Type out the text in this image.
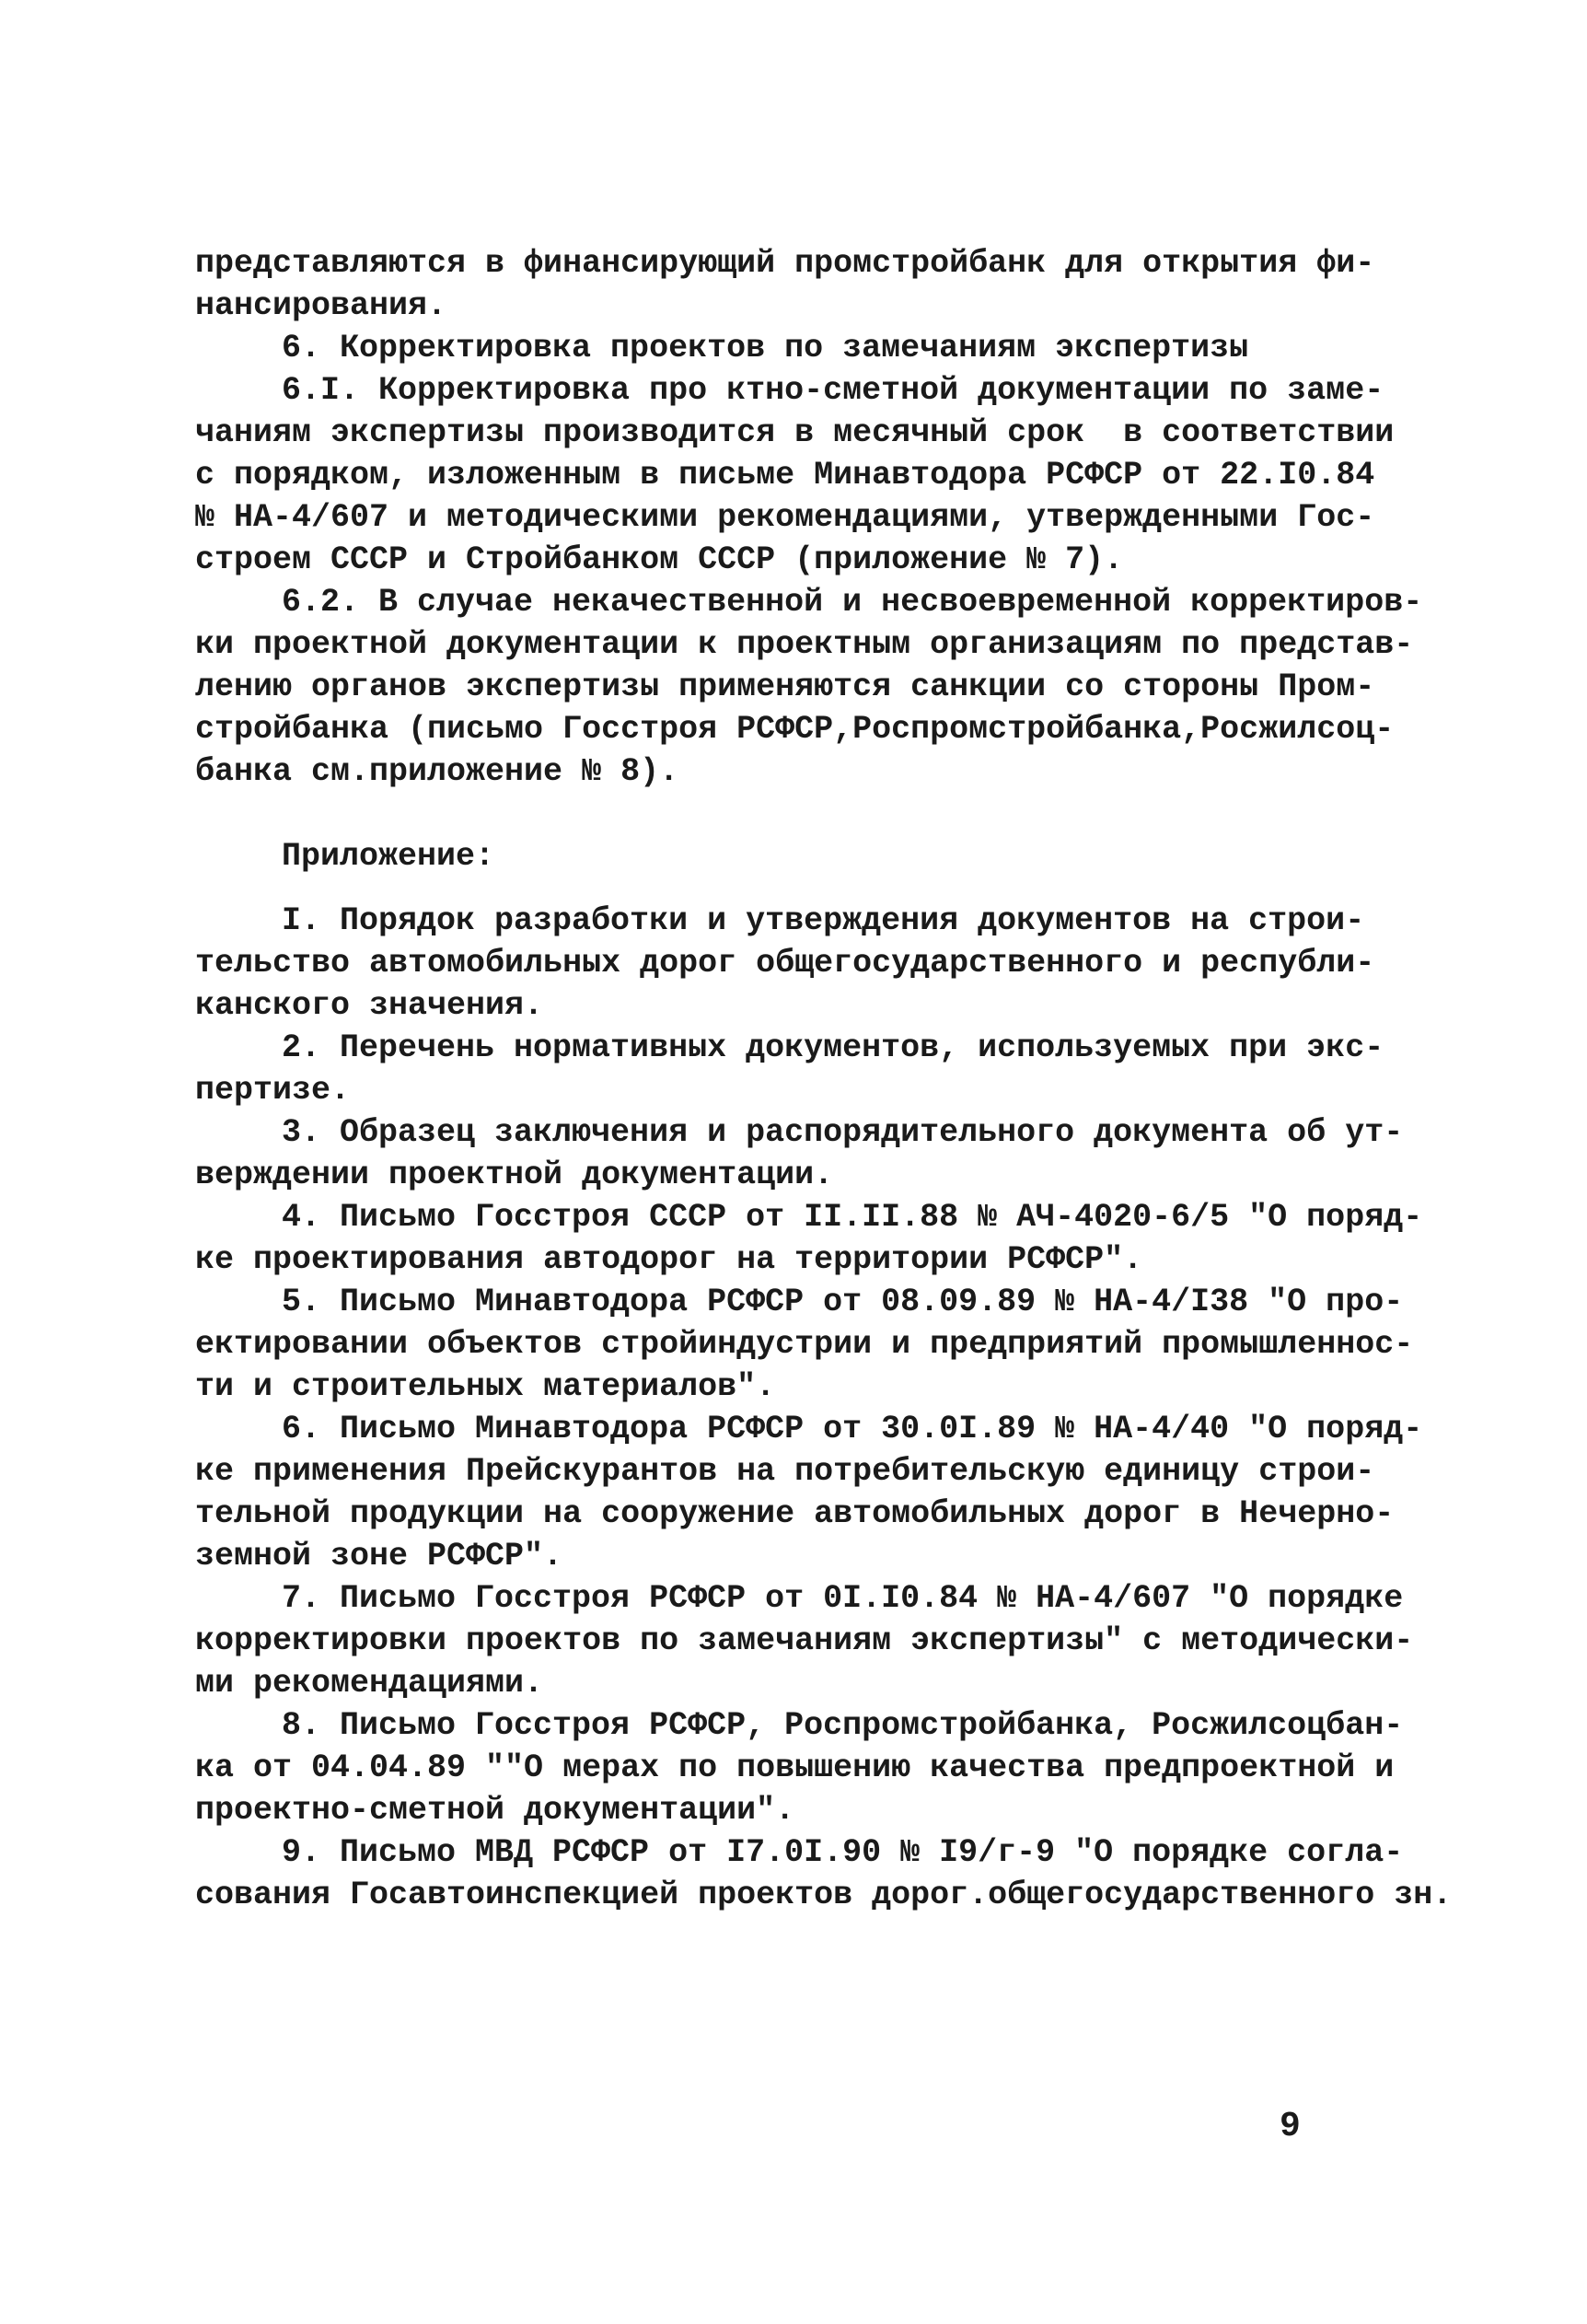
представляются в финансирующий промстройбанк для открытия фи-
нансирования.
6. Корректировка проектов по замечаниям экспертизы
6.I. Корректировка про ктно-сметной документации по заме-
чаниям экспертизы производится в месячный срок  в соответствии
с порядком, изложенным в письме Минавтодора РСФСР от 22.I0.84
№ НА-4/607 и методическими рекомендациями, утвержденными Гос-
строем СССР и Стройбанком СССР (приложение № 7).
6.2. В случае некачественной и несвоевременной корректиров-
ки проектной документации к проектным организациям по представ-
лению органов экспертизы применяются санкции со стороны Пром-
стройбанка (письмо Госстроя РСФСР,Роспромстройбанка,Росжилсоц-
банка см.приложение № 8).
Приложение:
I. Порядок разработки и утверждения документов на строи-
тельство автомобильных дорог общегосударственного и республи-
канского значения.
2. Перечень нормативных документов, используемых при экс-
пертизе.
3. Образец заключения и распорядительного документа об ут-
верждении проектной документации.
4. Письмо Госстроя СССР от II.II.88 № АЧ-4020-6/5 "О поряд-
ке проектирования автодорог на территории РСФСР".
5. Письмо Минавтодора РСФСР от 08.09.89 № НА-4/I38 "О про-
ектировании объектов стройиндустрии и предприятий промышленнос-
ти и строительных материалов".
6. Письмо Минавтодора РСФСР от 30.0I.89 № НА-4/40 "О поряд-
ке применения Прейскурантов на потребительскую единицу строи-
тельной продукции на сооружение автомобильных дорог в Нечерно-
земной зоне РСФСР".
7. Письмо Госстроя РСФСР от 0I.I0.84 № НА-4/607 "О порядке
корректировки проектов по замечаниям экспертизы" с методически-
ми рекомендациями.
8. Письмо Госстроя РСФСР, Роспромстройбанка, Росжилсоцбан-
ка от 04.04.89 ""О мерах по повышению качества предпроектной и
проектно-сметной документации".
9. Письмо МВД РСФСР от I7.0I.90 № I9/г-9 "О порядке согла-
сования Госавтоинспекцией проектов дорог.общегосударственного зн.
9
